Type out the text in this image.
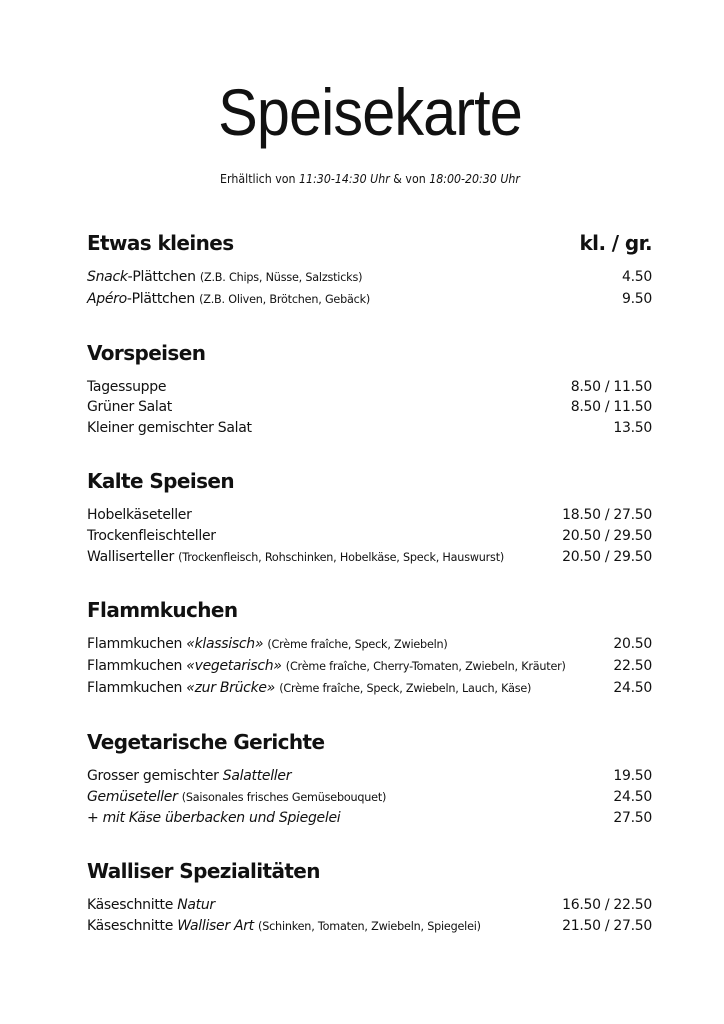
Speisekarte
Erhältlich von 11:30-14:30 Uhr & von 18:00-20:30 Uhr
Etwas kleines	kl. / gr.
Snack-Plättchen (Z.B. Chips, Nüsse, Salzsticks)	4.50
Apéro-Plättchen (Z.B. Oliven, Brötchen, Gebäck)	9.50
Vorspeisen
Tagessuppe	8.50 / 11.50
Grüner Salat	8.50 / 11.50
Kleiner gemischter Salat	13.50
Kalte Speisen
Hobelkäseteller	18.50 / 27.50
Trockenfleischteller	20.50 / 29.50
Walliserteller (Trockenfleisch, Rohschinken, Hobelkäse, Speck, Hauswurst)	20.50 / 29.50
Flammkuchen
Flammkuchen «klassisch» (Crème fraîche, Speck, Zwiebeln)	20.50
Flammkuchen «vegetarisch» (Crème fraîche, Cherry-Tomaten, Zwiebeln, Kräuter)	22.50
Flammkuchen «zur Brücke» (Crème fraîche, Speck, Zwiebeln, Lauch, Käse)	24.50
Vegetarische Gerichte
Grosser gemischter Salatteller	19.50
Gemüseteller (Saisonales frisches Gemüsebouquet)	24.50
+ mit Käse überbacken und Spiegelei	27.50
Walliser Spezialitäten
Käseschnitte Natur	16.50 / 22.50
Käseschnitte Walliser Art (Schinken, Tomaten, Zwiebeln, Spiegelei)	21.50 / 27.50
